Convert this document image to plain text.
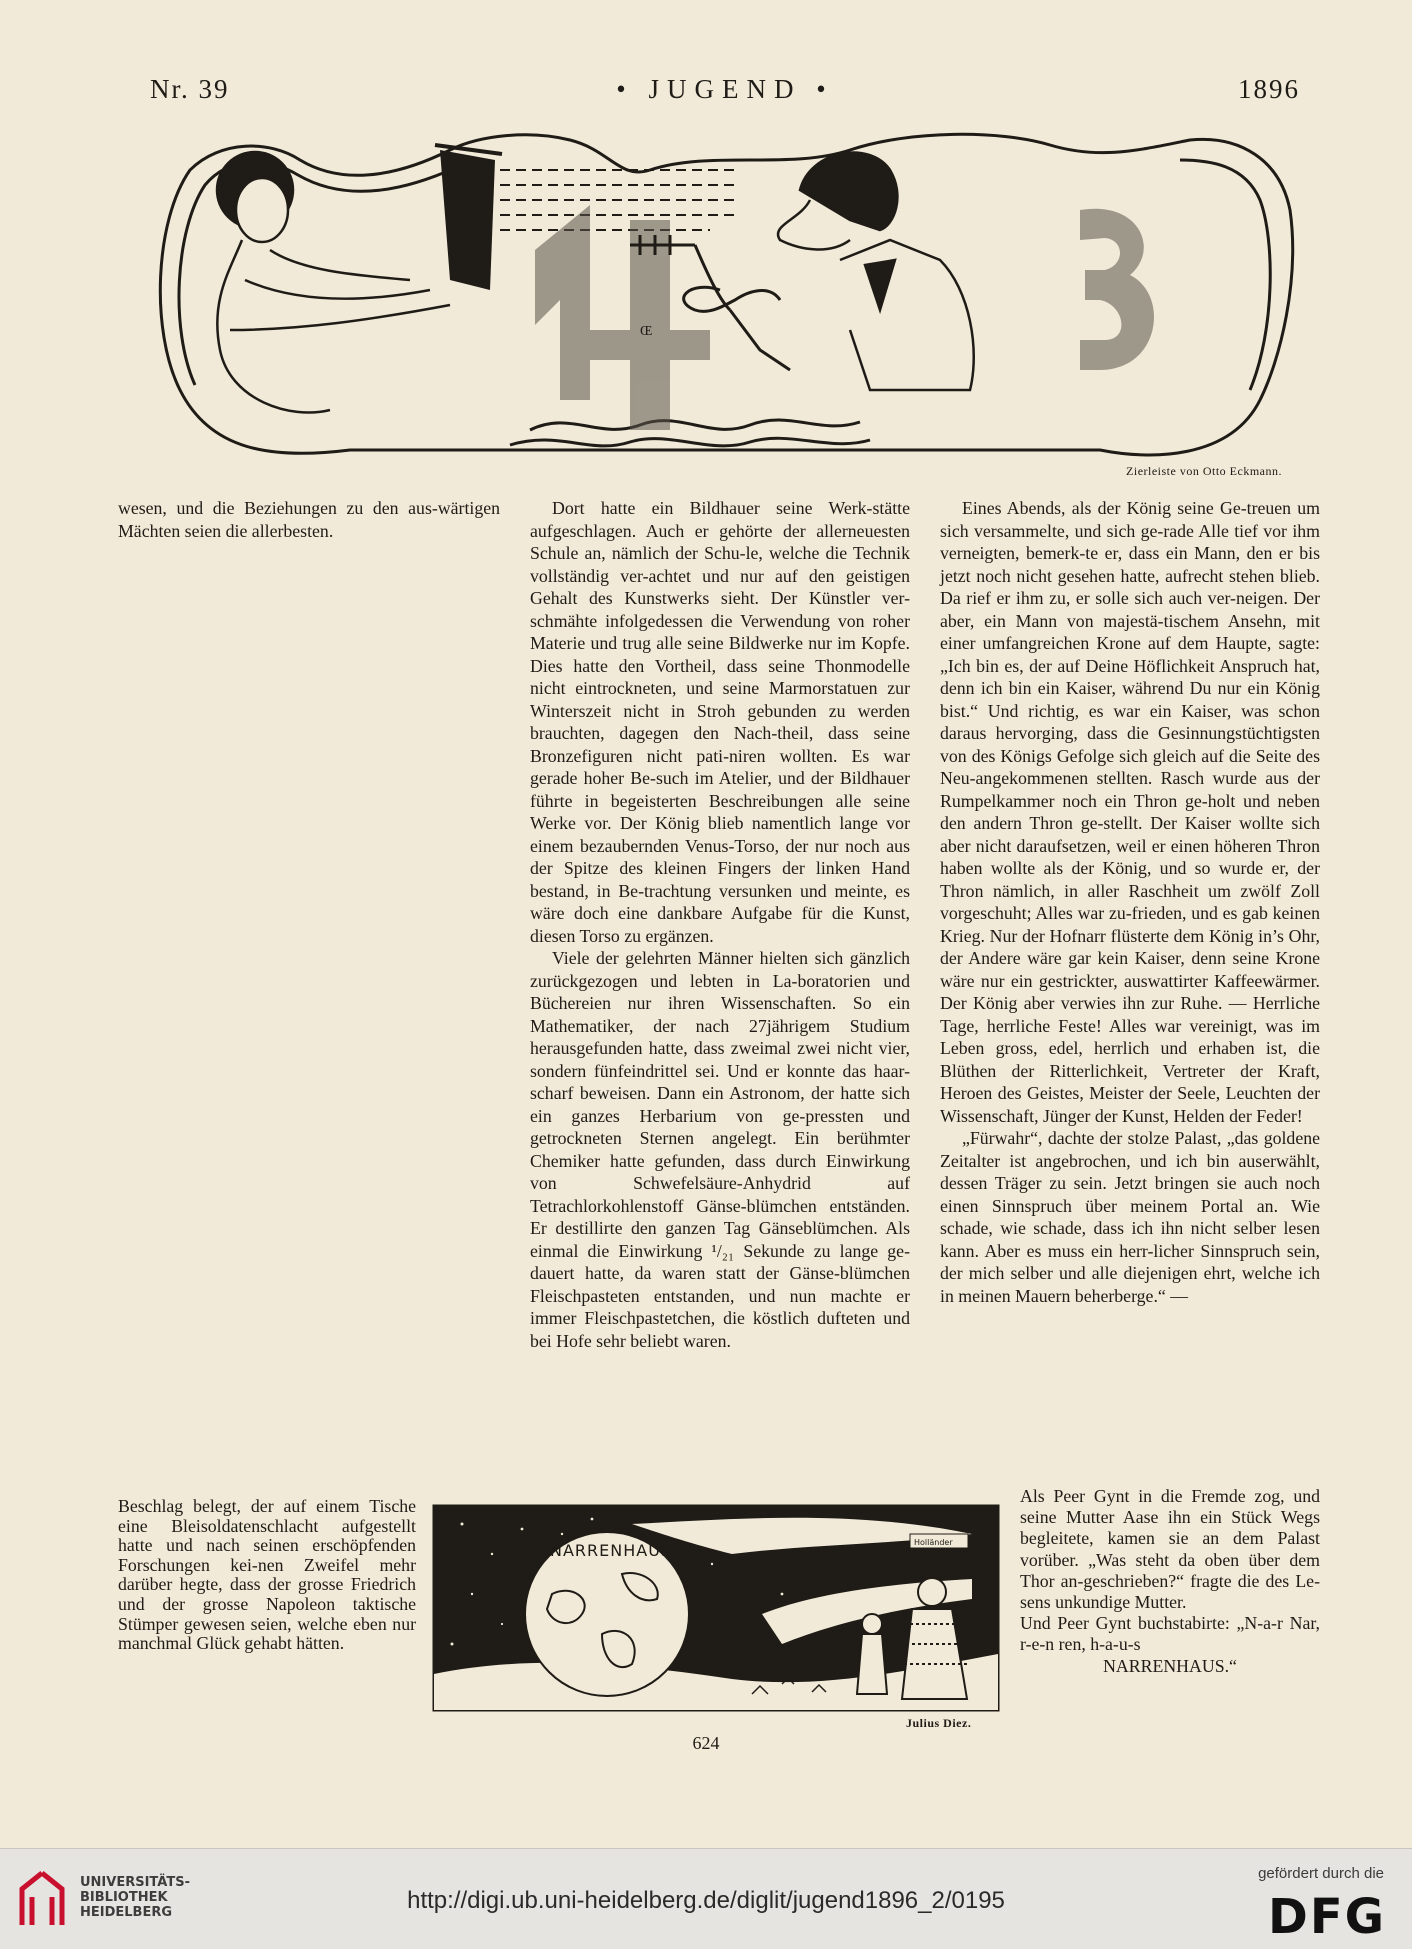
Nr. 39	• JUGEND •	1896
Œ
Zierleiste von Otto Eckmann.

wesen, und die Beziehungen zu den aus-wärtigen Mächten seien die allerbesten.

Beschlag belegt, der auf einem Tische eine Bleisoldatenschlacht aufgestellt hatte und nach seinen erschöpfenden Forschungen kei-nen Zweifel mehr darüber hegte, dass der grosse Friedrich und der grosse Napoleon taktische Stümper gewesen seien, welche eben nur manchmal Glück gehabt hätten.

Dort hatte ein Bildhauer seine Werk-stätte aufgeschlagen. Auch er gehörte der allerneuesten Schule an, nämlich der Schu-le, welche die Technik vollständig ver-achtet und nur auf den geistigen Gehalt des Kunstwerks sieht. Der Künstler ver-schmähte infolgedessen die Verwendung von roher Materie und trug alle seine Bildwerke nur im Kopfe. Dies hatte den Vortheil, dass seine Thonmodelle nicht eintrockneten, und seine Marmorstatuen zur Winterszeit nicht in Stroh gebunden zu werden brauchten, dagegen den Nach-theil, dass seine Bronzefiguren nicht pati-niren wollten. Es war gerade hoher Be-such im Atelier, und der Bildhauer führte in begeisterten Beschreibungen alle seine Werke vor. Der König blieb namentlich lange vor einem bezaubernden Venus-Torso, der nur noch aus der Spitze des kleinen Fingers der linken Hand bestand, in Be-trachtung versunken und meinte, es wäre doch eine dankbare Aufgabe für die Kunst, diesen Torso zu ergänzen.

Viele der gelehrten Männer hielten sich gänzlich zurückgezogen und lebten in La-boratorien und Büchereien nur ihren Wissenschaften. So ein Mathematiker, der nach 27jährigem Studium herausgefunden hatte, dass zweimal zwei nicht vier, sondern fünfeindrittel sei. Und er konnte das haar-scharf beweisen. Dann ein Astronom, der hatte sich ein ganzes Herbarium von ge-pressten und getrockneten Sternen angelegt. Ein berühmter Chemiker hatte gefunden, dass durch Einwirkung von Schwefelsäure-Anhydrid auf Tetrachlorkohlenstoff Gänse-blümchen entständen. Er destillirte den ganzen Tag Gänseblümchen. Als einmal die Einwirkung ¹/₂₁ Sekunde zu lange ge-dauert hatte, da waren statt der Gänse-blümchen Fleischpasteten entstanden, und nun machte er immer Fleischpastetchen, die köstlich dufteten und bei Hofe sehr beliebt waren.

Eines Abends, als der König seine Ge-treuen um sich versammelte, und sich ge-rade Alle tief vor ihm verneigten, bemerk-te er, dass ein Mann, den er bis jetzt noch nicht gesehen hatte, aufrecht stehen blieb. Da rief er ihm zu, er solle sich auch ver-neigen. Der aber, ein Mann von majestä-tischem Ansehn, mit einer umfangreichen Krone auf dem Haupte, sagte: „Ich bin es, der auf Deine Höflichkeit Anspruch hat, denn ich bin ein Kaiser, während Du nur ein König bist.“ Und richtig, es war ein Kaiser, was schon daraus hervorging, dass die Gesinnungstüchtigsten von des Königs Gefolge sich gleich auf die Seite des Neu-angekommenen stellten. Rasch wurde aus der Rumpelkammer noch ein Thron ge-holt und neben den andern Thron ge-stellt. Der Kaiser wollte sich aber nicht daraufsetzen, weil er einen höheren Thron haben wollte als der König, und so wurde er, der Thron nämlich, in aller Raschheit um zwölf Zoll vorgeschuht; Alles war zu-frieden, und es gab keinen Krieg. Nur der Hofnarr flüsterte dem König in’s Ohr, der Andere wäre gar kein Kaiser, denn seine Krone wäre nur ein gestrickter, auswattirter Kaffeewärmer. Der König aber verwies ihn zur Ruhe. — Herrliche Tage, herrliche Feste! Alles war vereinigt, was im Leben gross, edel, herrlich und erhaben ist, die Blüthen der Ritterlichkeit, Vertreter der Kraft, Heroen des Geistes, Meister der Seele, Leuchten der Wissenschaft, Jünger der Kunst, Helden der Feder!

„Fürwahr“, dachte der stolze Palast, „das goldene Zeitalter ist angebrochen, und ich bin auserwählt, dessen Träger zu sein. Jetzt bringen sie auch noch einen Sinnspruch über meinem Portal an. Wie schade, wie schade, dass ich ihn nicht selber lesen kann. Aber es muss ein herr-licher Sinnspruch sein, der mich selber und alle diejenigen ehrt, welche ich in meinen Mauern beherberge.“ —

Als Peer Gynt in die Fremde zog, und seine Mutter Aase ihn ein Stück Wegs begleitete, kamen sie an dem Palast vorüber. „Was steht da oben über dem Thor an-geschrieben?“ fragte die des Le-sens unkundige Mutter.

Und Peer Gynt buchstabirte: „N-a-r Nar, r-e-n ren, h-a-u-s

NARRENHAUS.“

NARRENHAUS	Holländer
Julius Diez.
624
UNIVERSITÄTS-
BIBLIOTHEK
HEIDELBERG	http://digi.ub.uni-heidelberg.de/diglit/jugend1896_2/0195
gefördert durch die
DFG
